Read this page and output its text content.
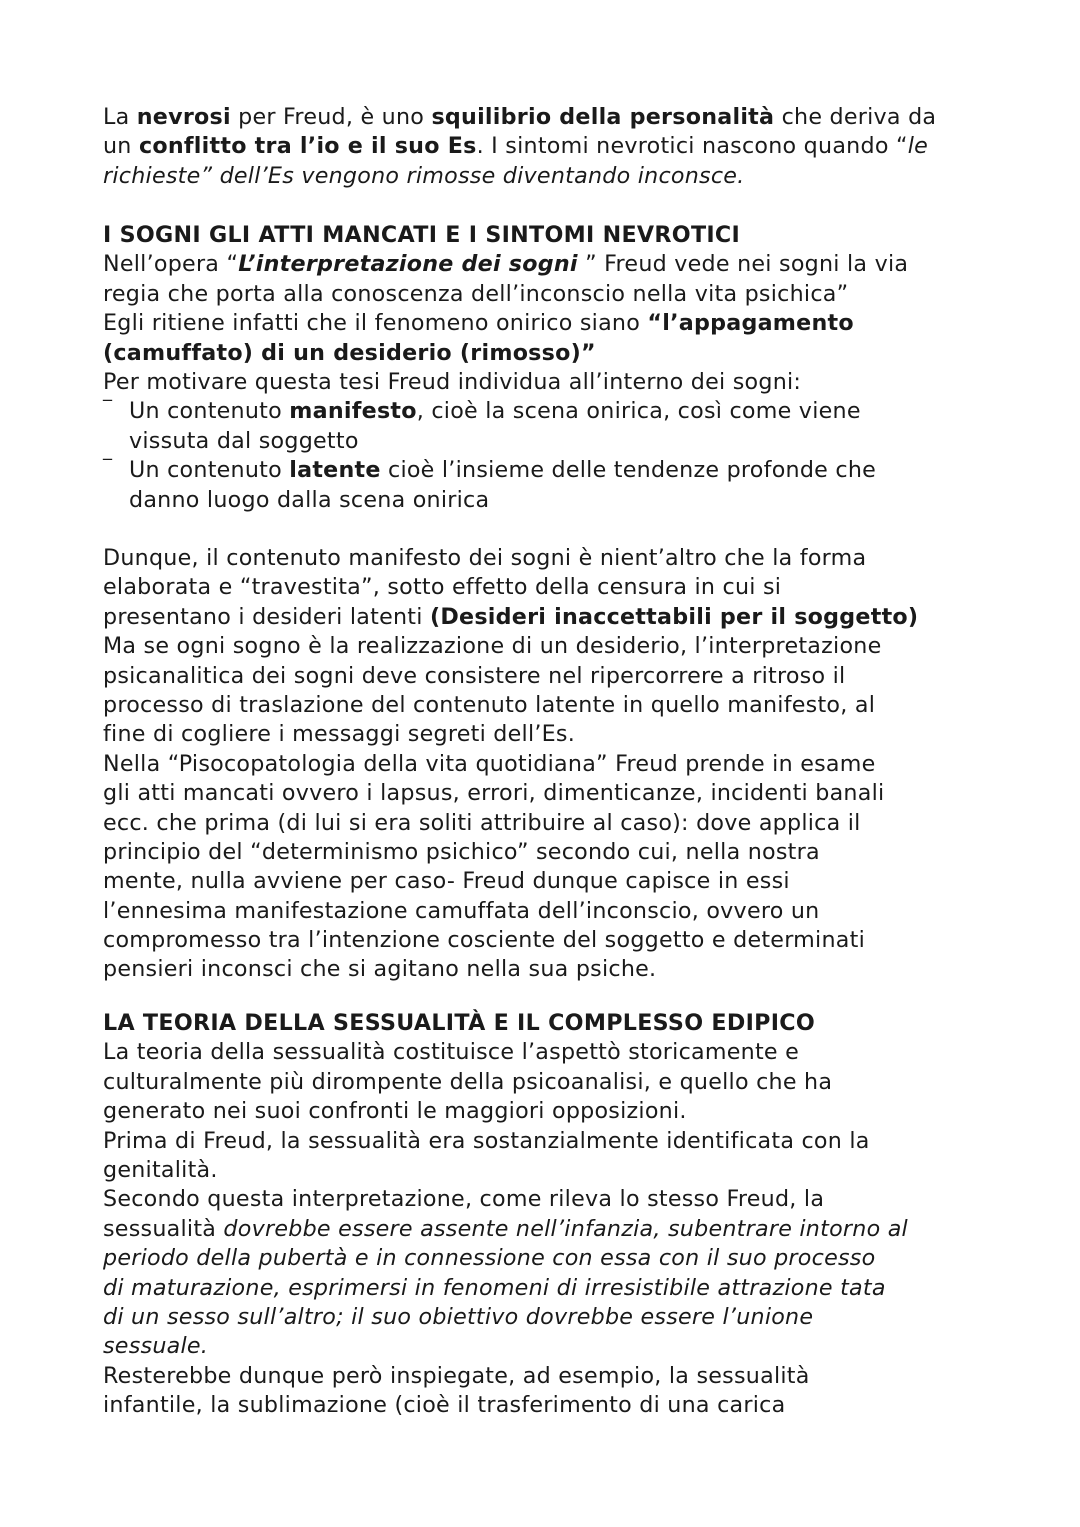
La nevrosi per Freud, è uno squilibrio della personalità che deriva da
un conflitto tra l’io e il suo Es. I sintomi nevrotici nascono quando “le
richieste” dell’Es vengono rimosse diventando inconsce.
I SOGNI GLI ATTI MANCATI E I SINTOMI NEVROTICI
Nell’opera “L’interpretazione dei sogni ” Freud vede nei sogni la via
regia che porta alla conoscenza dell’inconscio nella vita psichica”
Egli ritiene infatti che il fenomeno onirico siano “l’appagamento
(camuffato) di un desiderio (rimosso)”
Per motivare questa tesi Freud individua all’interno dei sogni:
‾ Un contenuto manifesto, cioè la scena onirica, così come viene
vissuta dal soggetto
‾ Un contenuto latente cioè l’insieme delle tendenze profonde che
danno luogo dalla scena onirica
Dunque, il contenuto manifesto dei sogni è nient’altro che la forma
elaborata e “travestita”, sotto effetto della censura in cui si
presentano i desideri latenti (Desideri inaccettabili per il soggetto)
Ma se ogni sogno è la realizzazione di un desiderio, l’interpretazione
psicanalitica dei sogni deve consistere nel ripercorrere a ritroso il
processo di traslazione del contenuto latente in quello manifesto, al
fine di cogliere i messaggi segreti dell’Es.
Nella “Pisocopatologia della vita quotidiana” Freud prende in esame
gli atti mancati ovvero i lapsus, errori, dimenticanze, incidenti banali
ecc. che prima (di lui si era soliti attribuire al caso): dove applica il
principio del “determinismo psichico” secondo cui, nella nostra
mente, nulla avviene per caso- Freud dunque capisce in essi
l’ennesima manifestazione camuffata dell’inconscio, ovvero un
compromesso tra l’intenzione cosciente del soggetto e determinati
pensieri inconsci che si agitano nella sua psiche.
LA TEORIA DELLA SESSUALITÀ E IL COMPLESSO EDIPICO
La teoria della sessualità costituisce l’aspettò storicamente e
culturalmente più dirompente della psicoanalisi, e quello che ha
generato nei suoi confronti le maggiori opposizioni.
Prima di Freud, la sessualità era sostanzialmente identificata con la
genitalità.
Secondo questa interpretazione, come rileva lo stesso Freud, la
sessualità dovrebbe essere assente nell’infanzia, subentrare intorno al
periodo della pubertà e in connessione con essa con il suo processo
di maturazione, esprimersi in fenomeni di irresistibile attrazione tata
di un sesso sull’altro; il suo obiettivo dovrebbe essere l’unione
sessuale.
Resterebbe dunque però inspiegate, ad esempio, la sessualità
infantile, la sublimazione (cioè il trasferimento di una carica
